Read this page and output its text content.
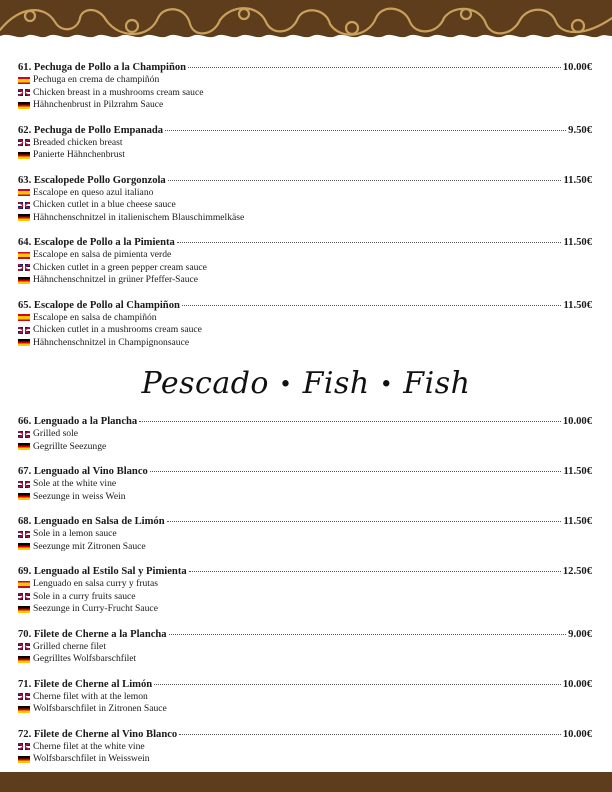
61. Pechuga de Pollo a la Champiñon	10.00€
Pechuga en crema de champiñón
Chicken breast in a mushrooms cream sauce
Hähnchenbrust in Pilzrahm Sauce
62. Pechuga de Pollo Empanada	9.50€
Breaded chicken breast
Panierte Hähnchenbrust
63. Escalopede Pollo Gorgonzola	11.50€
Escalope en queso azul italiano
Chicken cutlet in a blue cheese sauce
Hähnchenschnitzel in italienischem Blauschimmelkäse
64. Escalope de Pollo a la Pimienta	11.50€
Escalope en salsa de pimienta verde
Chicken cutlet in a green pepper cream sauce
Hähnchenschnitzel in grüner Pfeffer-Sauce
65. Escalope de Pollo al Champiñon	11.50€
Escalope en salsa de champiñón
Chicken cutlet in a mushrooms cream sauce
Hähnchenschnitzel in Champignonsauce
66. Lenguado a la Plancha	10.00€
Grilled sole
Gegrillte Seezunge
67. Lenguado al Vino Blanco	11.50€
Sole at the white vine
Seezunge in weiss Wein
68. Lenguado en Salsa de Limón	11.50€
Sole in a lemon sauce
Seezunge mit Zitronen Sauce
69. Lenguado al Estilo Sal y Pimienta	12.50€
Lenguado en salsa curry y frutas
Sole in a curry fruits sauce
Seezunge in Curry-Frucht Sauce
70. Filete de Cherne a la Plancha	9.00€
Grilled cherne filet
Gegrilltes Wolfsbarschfilet
71. Filete de Cherne al Limón	10.00€
Cherne filet with at the lemon
Wolfsbarschfilet in Zitronen Sauce
72. Filete de Cherne al Vino Blanco	10.00€
Cherne filet at the white vine
Wolfsbarschfilet in Weisswein
Pescado • Fish • Fish
